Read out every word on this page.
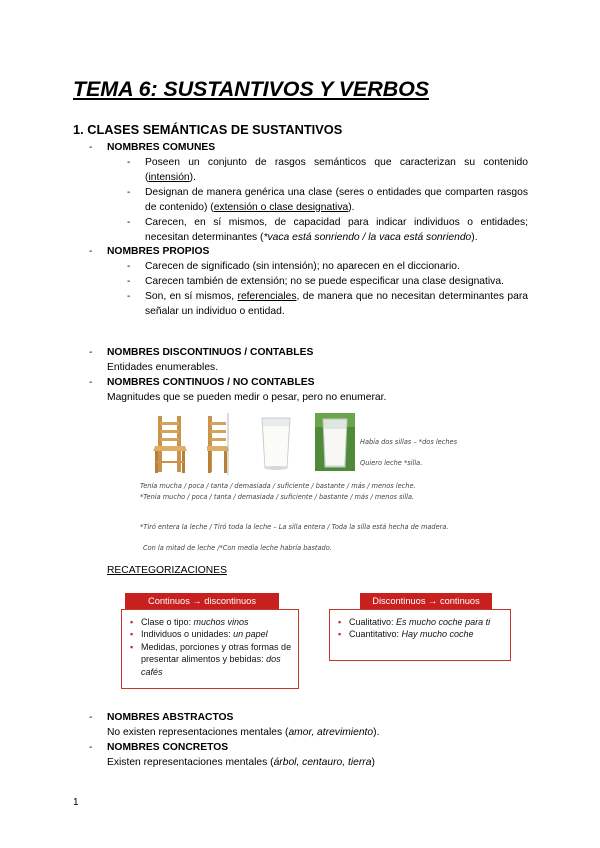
TEMA 6: SUSTANTIVOS Y VERBOS
1. CLASES SEMÁNTICAS DE SUSTANTIVOS
- NOMBRES COMUNES
- Poseen un conjunto de rasgos semánticos que caracterizan su contenido (intensión).
- Designan de manera genérica una clase (seres o entidades que comparten rasgos de contenido) (extensión o clase designativa).
- Carecen, en sí mismos, de capacidad para indicar individuos o entidades; necesitan determinantes (*vaca está sonriendo / la vaca está sonriendo).
- NOMBRES PROPIOS
- Carecen de significado (sin intensión); no aparecen en el diccionario.
- Carecen también de extensión; no se puede especificar una clase designativa.
- Son, en sí mismos, referenciales, de manera que no necesitan determinantes para señalar un individuo o entidad.
- NOMBRES DISCONTINUOS / CONTABLES
Entidades enumerables.
- NOMBRES CONTINUOS / NO CONTABLES
Magnitudes que se pueden medir o pesar, pero no enumerar.
Había dos sillas – *dos leches
Quiero leche *silla.
Tenía mucha / poca / tanta / demasiada / suficiente / bastante / más / menos leche.
*Tenía mucho / poca / tanta / demasiada / suficiente / bastante / más / menos silla.
*Tiró entera la leche / Tiró toda la leche – La silla entera / Toda la silla está hecha de madera.
Con la mitad de leche /*Con media leche habría bastado.
RECATEGORIZACIONES
Continuos → discontinuos
▪ Clase o tipo: muchos vinos
▪ Individuos o unidades: un papel
▪ Medidas, porciones y otras formas de presentar alimentos y bebidas: dos cafés
Discontinuos → continuos
▪ Cualitativo: Es mucho coche para ti
▪ Cuantitativo: Hay mucho coche
- NOMBRES ABSTRACTOS
No existen representaciones mentales (amor, atrevimiento).
- NOMBRES CONCRETOS
Existen representaciones mentales (árbol, centauro, tierra)
1
